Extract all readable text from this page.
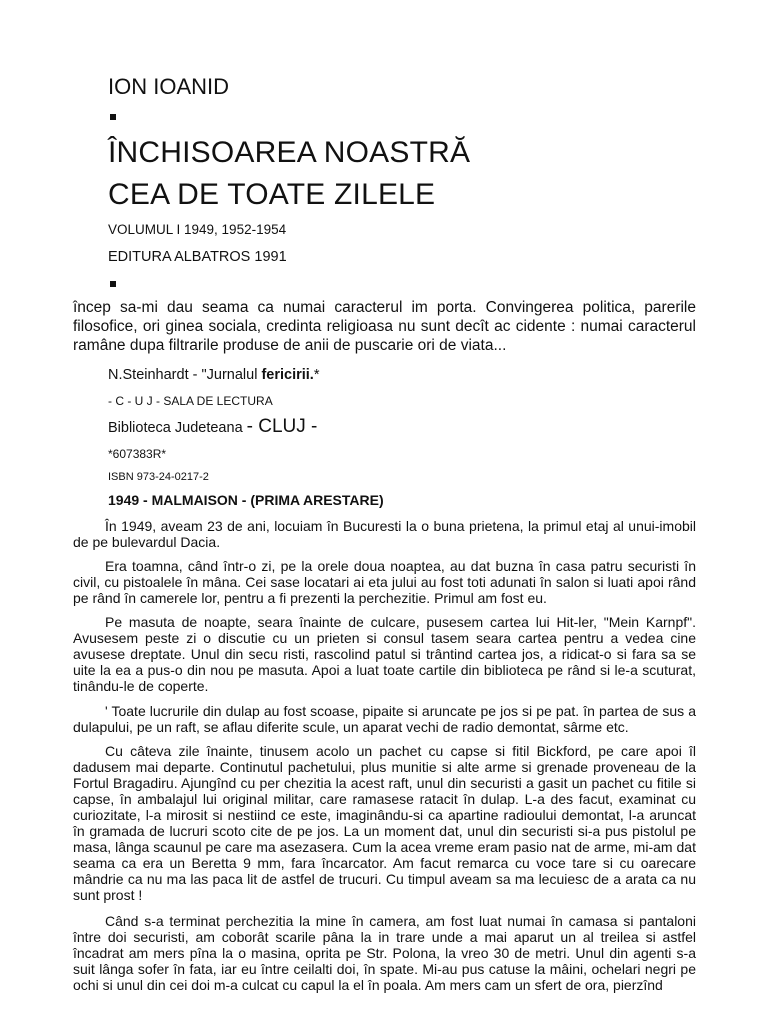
ION IOANID
ÎNCHISOAREA NOASTRĂ
CEA DE TOATE ZILELE
VOLUMUL I 1949, 1952-1954
EDITURA ALBATROS 1991
încep sa-mi dau seama ca numai caracterul im porta. Convingerea politica, parerile filosofice, ori ginea sociala, credinta religioasa nu sunt decît ac cidente : numai caracterul ramâne dupa filtrarile produse de anii de puscarie ori de viata...
N.Steinhardt - "Jurnalul fericirii.*
- C - U J - SALA DE LECTURA
Biblioteca Judeteana - CLUJ -
*607383R*
ISBN 973-24-0217-2
1949 - MALMAISON - (PRIMA ARESTARE)
În 1949, aveam 23 de ani, locuiam în Bucuresti la o buna prietena, la primul etaj al unui-imobil de pe bulevardul Dacia.
Era toamna, când într-o zi, pe la orele doua noaptea, au dat buzna în casa patru securisti în civil, cu pistoalele în mâna. Cei sase locatari ai eta jului au fost toti adunati în salon si luati apoi rând pe rând în camerele lor, pentru a fi prezenti la perchezitie. Primul am fost eu.
Pe masuta de noapte, seara înainte de culcare, pusesem cartea lui Hit-ler, "Mein Karnpf". Avusesem peste zi o discutie cu un prieten si consul tasem seara cartea pentru a vedea cine avusese dreptate. Unul din secu risti, rascolind patul si trântind cartea jos, a ridicat-o si fara sa se uite la ea a pus-o din nou pe masuta. Apoi a luat toate cartile din biblioteca pe rând si le-a scuturat, tinându-le de coperte.
' Toate lucrurile din dulap au fost scoase, pipaite si aruncate pe jos si pe pat. în partea de sus a dulapului, pe un raft, se aflau diferite scule, un aparat vechi de radio demontat, sârme etc.
Cu câteva zile înainte, tinusem acolo un pachet cu capse si fitil Bickford, pe care apoi îl dadusem mai departe. Continutul pachetului, plus munitie si alte arme si grenade proveneau de la Fortul Bragadiru. Ajungînd cu per chezitia la acest raft, unul din securisti a gasit un pachet cu fitile si capse, în ambalajul lui original militar, care ramasese ratacit în dulap. L-a des facut, examinat cu curiozitate, l-a mirosit si nestiind ce este, imaginându-si ca apartine radioului demontat, l-a aruncat în gramada de lucruri scoto cite de pe jos. La un moment dat, unul din securisti si-a pus pistolul pe masa, lânga scaunul pe care ma asezasera. Cum la acea vreme eram pasio nat de arme, mi-am dat seama ca era un Beretta 9 mm, fara încarcator. Am facut remarca cu voce tare si cu oarecare mândrie ca nu ma las paca lit de astfel de trucuri. Cu timpul aveam sa ma lecuiesc de a arata ca nu sunt prost !
Când s-a terminat perchezitia la mine în camera, am fost luat numai în camasa si pantaloni între doi securisti, am coborât scarile pâna la in trare unde a mai aparut un al treilea si astfel încadrat am mers pîna la o masina, oprita pe Str. Polona, la vreo 30 de metri. Unul din agenti s-a suit lânga sofer în fata, iar eu între ceilalti doi, în spate. Mi-au pus catuse la mâini, ochelari negri pe ochi si unul din cei doi m-a culcat cu capul la el în poala. Am mers cam un sfert de ora, pierzînd
